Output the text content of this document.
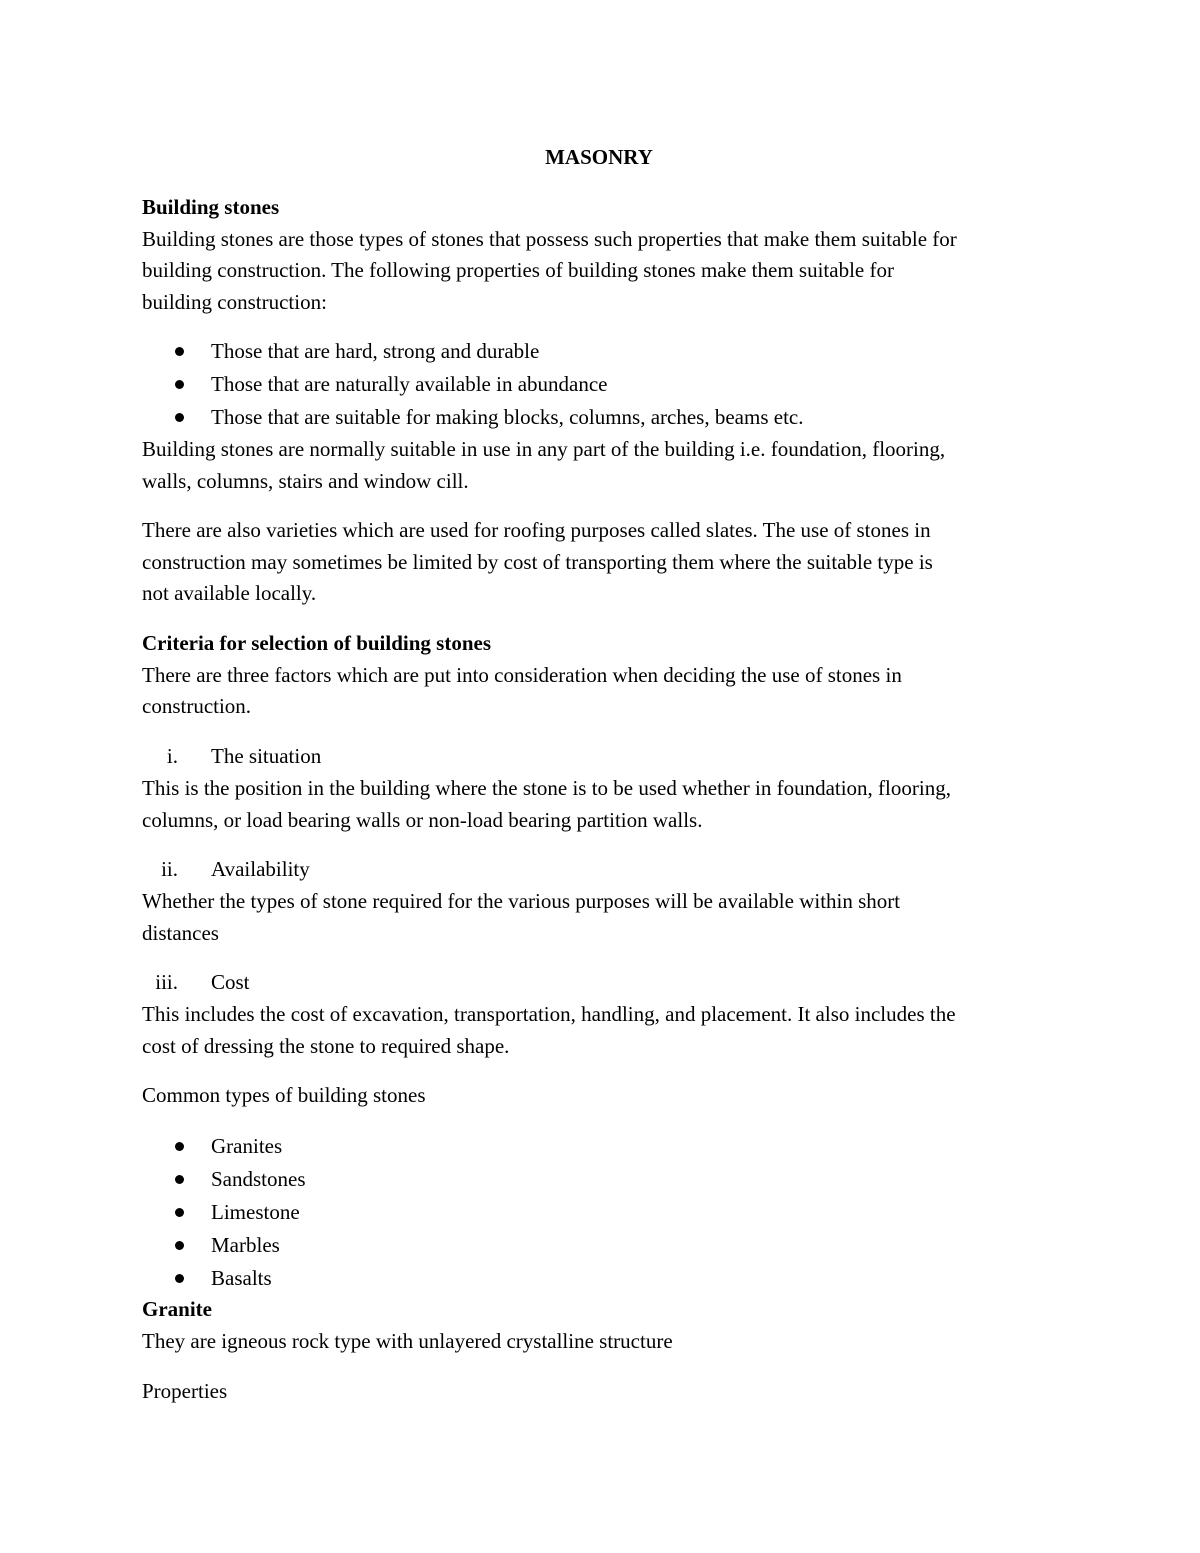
MASONRY
Building stones
Building stones are those types of stones that possess such properties that make them suitable for
building construction. The following properties of building stones make them suitable for
building construction:
Those that are hard, strong and durable
Those that are naturally available in abundance
Those that are suitable for making blocks, columns, arches, beams etc.
Building stones are normally suitable in use in any part of the building i.e. foundation, flooring,
walls, columns, stairs and window cill.
There are also varieties which are used for roofing purposes called slates. The use of stones in
construction may sometimes be limited by cost of transporting them where the suitable type is
not available locally.
Criteria for selection of building stones
There are three factors which are put into consideration when deciding the use of stones in
construction.
i. The situation
This is the position in the building where the stone is to be used whether in foundation, flooring,
columns, or load bearing walls or non-load bearing partition walls.
ii. Availability
Whether the types of stone required for the various purposes will be available within short
distances
iii. Cost
This includes the cost of excavation, transportation, handling, and placement. It also includes the
cost of dressing the stone to required shape.
Common types of building stones
Granites
Sandstones
Limestone
Marbles
Basalts
Granite
They are igneous rock type with unlayered crystalline structure
Properties
